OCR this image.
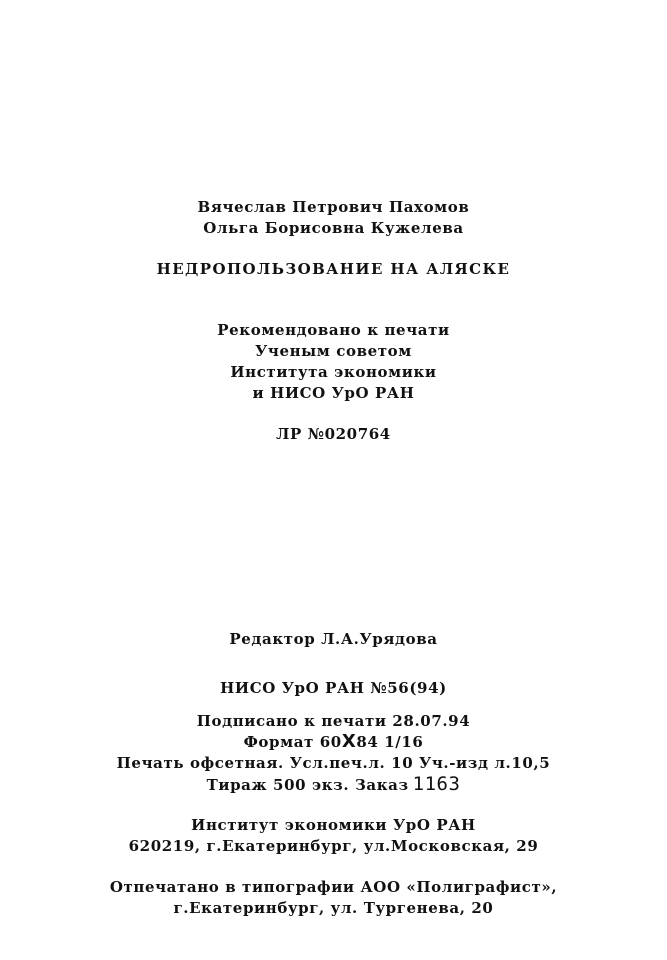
Вячеслав Петрович Пахомов
Ольга Борисовна Кужелева
НЕДРОПОЛЬЗОВАНИЕ НА АЛЯСКЕ
Рекомендовано к печати
Ученым советом
Института экономики
и НИСО УрО РАН
ЛР №020764
Редактор Л.А.Урядова
НИСО УрО РАН №56(94)
Подписано к печати 28.07.94
Формат 60X84 1/16
Печать офсетная. Усл.печ.л. 10 Уч.-изд л.10,5
Тираж 500 экз. Заказ 1163
Институт экономики УрО РАН
620219, г.Екатеринбург, ул.Московская, 29
Отпечатано в типографии АОО «Полиграфист»,
г.Екатеринбург, ул. Тургенева, 20
